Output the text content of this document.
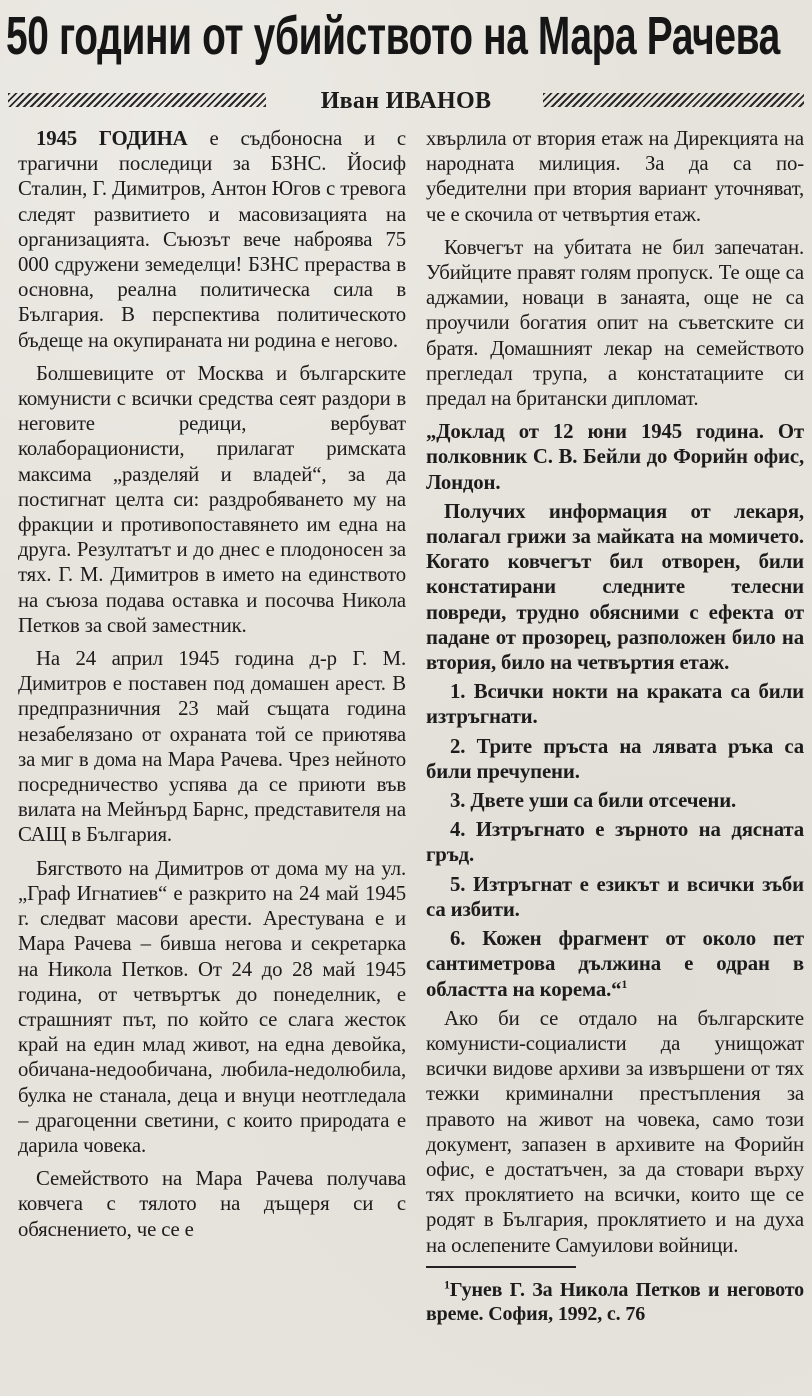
50 години от убийството на Мара Рачева
Иван ИВАНОВ

1945 ГОДИНА е съдбоносна и с трагични последици за БЗНС. Йосиф Сталин, Г. Димитров, Антон Югов с тревога следят развитието и масовизацията на организацията. Съюзът вече наброява 75 000 сдружени земеделци! БЗНС прераства в основна, реална политическа сила в България. В перспектива политическото бъдеще на окупираната ни родина е негово.

Болшевиците от Москва и българските комунисти с всички средства сеят раздори в неговите редици, вербуват колаборационисти, прилагат римската максима „разделяй и владей“, за да постигнат целта си: раздробяването му на фракции и противопоставянето им една на друга. Резултатът и до днес е плодоносен за тях. Г. М. Димитров в името на единството на съюза подава оставка и посочва Никола Петков за свой заместник.

На 24 април 1945 година д-р Г. М. Димитров е поставен под домашен арест. В предпразничния 23 май същата година незабелязано от охраната той се приютява за миг в дома на Мара Рачева. Чрез нейното посредничество успява да се приюти във вилата на Мейнърд Барнс, представителя на САЩ в България.

Бягството на Димитров от дома му на ул. „Граф Игнатиев“ е разкрито на 24 май 1945 г. следват масови арести. Арестувана е и Мара Рачева – бивша негова и секретарка на Никола Петков. От 24 до 28 май 1945 година, от четвъртък до понеделник, е страшният път, по който се слага жесток край на един млад живот, на една девойка, обичана-недообичана, любила-недолюбила, булка не станала, деца и внуци неотгледала – драгоценни светини, с които природата е дарила човека.

Семейството на Мара Рачева получава ковчега с тялото на дъщеря си с обяснението, че се е

хвърлила от втория етаж на Дирекцията на народната милиция. За да са по-убедителни при втория вариант уточняват, че е скочила от четвъртия етаж.

Ковчегът на убитата не бил запечатан. Убийците правят голям пропуск. Те още са аджамии, новаци в занаята, още не са проучили богатия опит на съветските си братя. Домашният лекар на семейството прегледал трупа, а констатациите си предал на британски дипломат.

„Доклад от 12 юни 1945 година. От полковник С. В. Бейли до Форийн офис, Лондон.

Получих информация от лекаря, полагал грижи за майката на момичето. Когато ковчегът бил отворен, били констатирани следните телесни повреди, трудно обясними с ефекта от падане от прозорец, разположен било на втория, било на четвъртия етаж.

1. Всички нокти на краката са били изтръгнати.

2. Трите пръста на лявата ръка са били пречупени.

3. Двете уши са били отсечени.

4. Изтръгнато е зърното на дясната гръд.

5. Изтръгнат е езикът и всички зъби са избити.

6. Кожен фрагмент от около пет сантиметрова дължина е одран в областта на корема.“$^1$

Ако би се отдало на българските комунисти-социалисти да унищожат всички видове архиви за извършени от тях тежки криминални престъпления за правото на живот на човека, само този документ, запазен в архивите на Форийн офис, е достатъчен, за да стовари върху тях проклятието на всички, които ще се родят в България, проклятието и на духа на ослепените Самуилови войници.

$^1$Гунев Г. За Никола Петков и неговото време. София, 1992, с. 76
